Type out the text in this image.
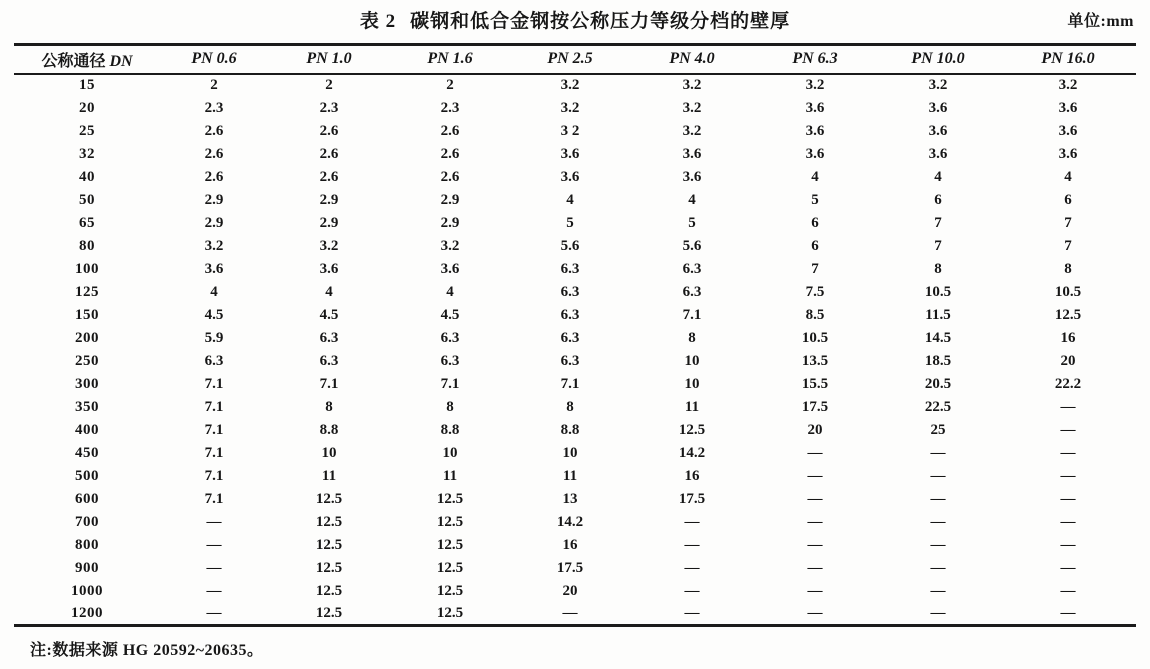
表 2 碳钢和低合金钢按公称压力等级分档的壁厚	单位:mm
公称通径 DN	PN 0.6	PN 1.0	PN 1.6	PN 2.5	PN 4.0	PN 6.3	PN 10.0	PN 16.0
15	2	2	2	3.2	3.2	3.2	3.2	3.2
20	2.3	2.3	2.3	3.2	3.2	3.6	3.6	3.6
25	2.6	2.6	2.6	3 2	3.2	3.6	3.6	3.6
32	2.6	2.6	2.6	3.6	3.6	3.6	3.6	3.6
40	2.6	2.6	2.6	3.6	3.6	4	4	4
50	2.9	2.9	2.9	4	4	5	6	6
65	2.9	2.9	2.9	5	5	6	7	7
80	3.2	3.2	3.2	5.6	5.6	6	7	7
100	3.6	3.6	3.6	6.3	6.3	7	8	8
125	4	4	4	6.3	6.3	7.5	10.5	10.5
150	4.5	4.5	4.5	6.3	7.1	8.5	11.5	12.5
200	5.9	6.3	6.3	6.3	8	10.5	14.5	16
250	6.3	6.3	6.3	6.3	10	13.5	18.5	20
300	7.1	7.1	7.1	7.1	10	15.5	20.5	22.2
350	7.1	8	8	8	11	17.5	22.5	—
400	7.1	8.8	8.8	8.8	12.5	20	25	—
450	7.1	10	10	10	14.2	—	—	—
500	7.1	11	11	11	16	—	—	—
600	7.1	12.5	12.5	13	17.5	—	—	—
700	—	12.5	12.5	14.2	—	—	—	—
800	—	12.5	12.5	16	—	—	—	—
900	—	12.5	12.5	17.5	—	—	—	—
1000	—	12.5	12.5	20	—	—	—	—
1200	—	12.5	12.5	—	—	—	—	—
注:数据来源 HG 20592~20635。
